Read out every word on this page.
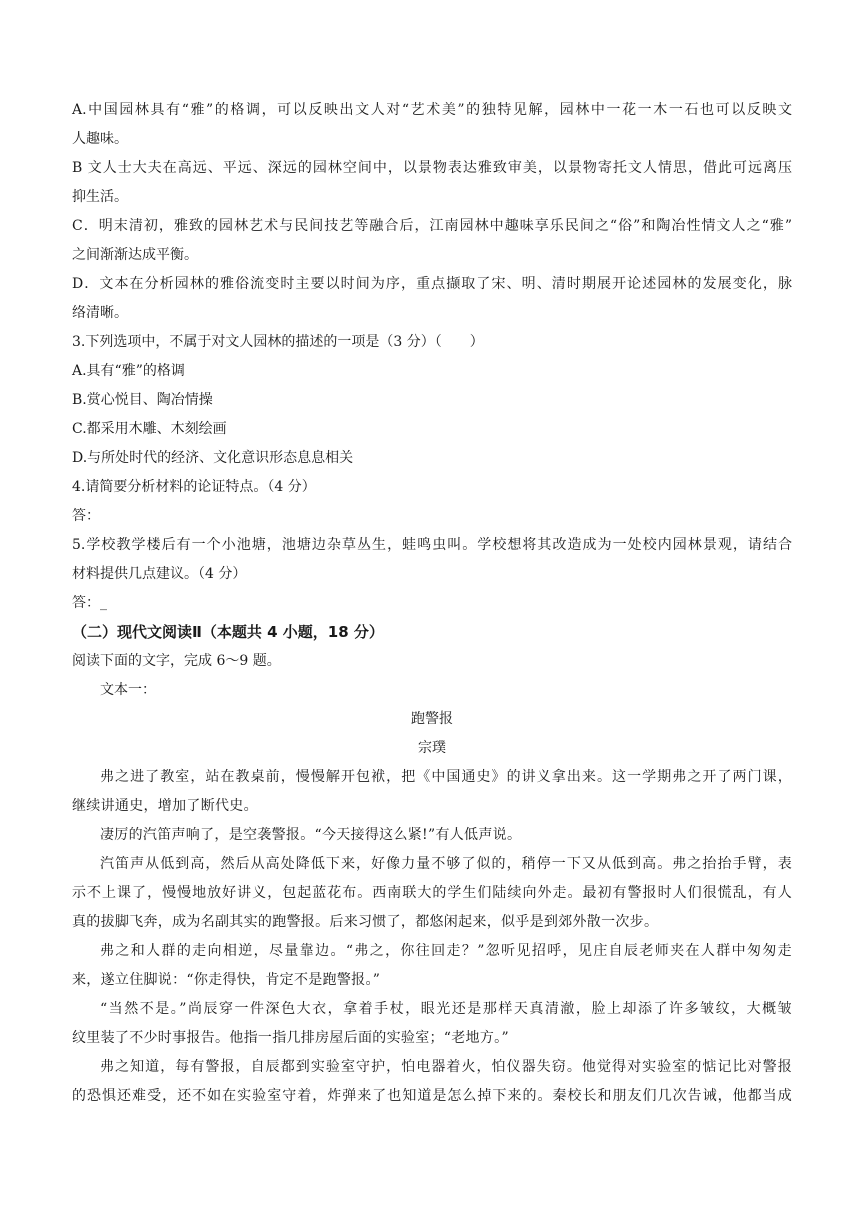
A.中国园林具有“雅”的格调，可以反映出文人对“艺术美”的独特见解，园林中一花一木一石也可以反映文
人趣味。
B 文人士大夫在高远、平远、深远的园林空间中，以景物表达雅致审美，以景物寄托文人情思，借此可远离压
抑生活。
C．明末清初，雅致的园林艺术与民间技艺等融合后，江南园林中趣味享乐民间之“俗”和陶冶性情文人之“雅”
之间渐渐达成平衡。
D．文本在分析园林的雅俗流变时主要以时间为序，重点撷取了宋、明、清时期展开论述园林的发展变化，脉
络清晰。
3.下列选项中，不属于对文人园林的描述的一项是（3 分）（　　）
A.具有“雅”的格调
B.赏心悦目、陶冶情操
C.都采用木雕、木刻绘画
D.与所处时代的经济、文化意识形态息息相关
4.请简要分析材料的论证特点。（4 分）
答：
5.学校教学楼后有一个小池塘，池塘边杂草丛生，蛙鸣虫叫。学校想将其改造成为一处校内园林景观，请结合
材料提供几点建议。（4 分）
答：_
（二）现代文阅读Ⅱ（本题共 4 小题，18 分）
阅读下面的文字，完成 6～9 题。
文本一：
跑警报
宗璞
弗之进了教室，站在教桌前，慢慢解开包袱，把《中国通史》的讲义拿出来。这一学期弗之开了两门课，
继续讲通史，增加了断代史。
凄厉的汽笛声响了，是空袭警报。“今天接得这么紧!”有人低声说。
汽笛声从低到高，然后从高处降低下来，好像力量不够了似的，稍停一下又从低到高。弗之抬抬手臂，表
示不上课了，慢慢地放好讲义，包起蓝花布。西南联大的学生们陆续向外走。最初有警报时人们很慌乱，有人
真的拔脚飞奔，成为名副其实的跑警报。后来习惯了，都悠闲起来，似乎是到郊外散一次步。
弗之和人群的走向相逆，尽量靠边。“弗之，你往回走？”忽听见招呼，见庄自辰老师夹在人群中匆匆走
来，遂立住脚说：“你走得快，肯定不是跑警报。”
“当然不是。”尚辰穿一件深色大衣，拿着手杖，眼光还是那样天真清澈，脸上却添了许多皱纹，大概皱
纹里装了不少时事报告。他指一指几排房屋后面的实验室；“老地方。”
弗之知道，每有警报，自辰都到实验室守护，怕电器着火，怕仪器失窃。他觉得对实验室的惦记比对警报
的恐惧还难受，还不如在实验室守着，炸弹来了也知道是怎么掉下来的。秦校长和朋友们几次告诫，他都当成
